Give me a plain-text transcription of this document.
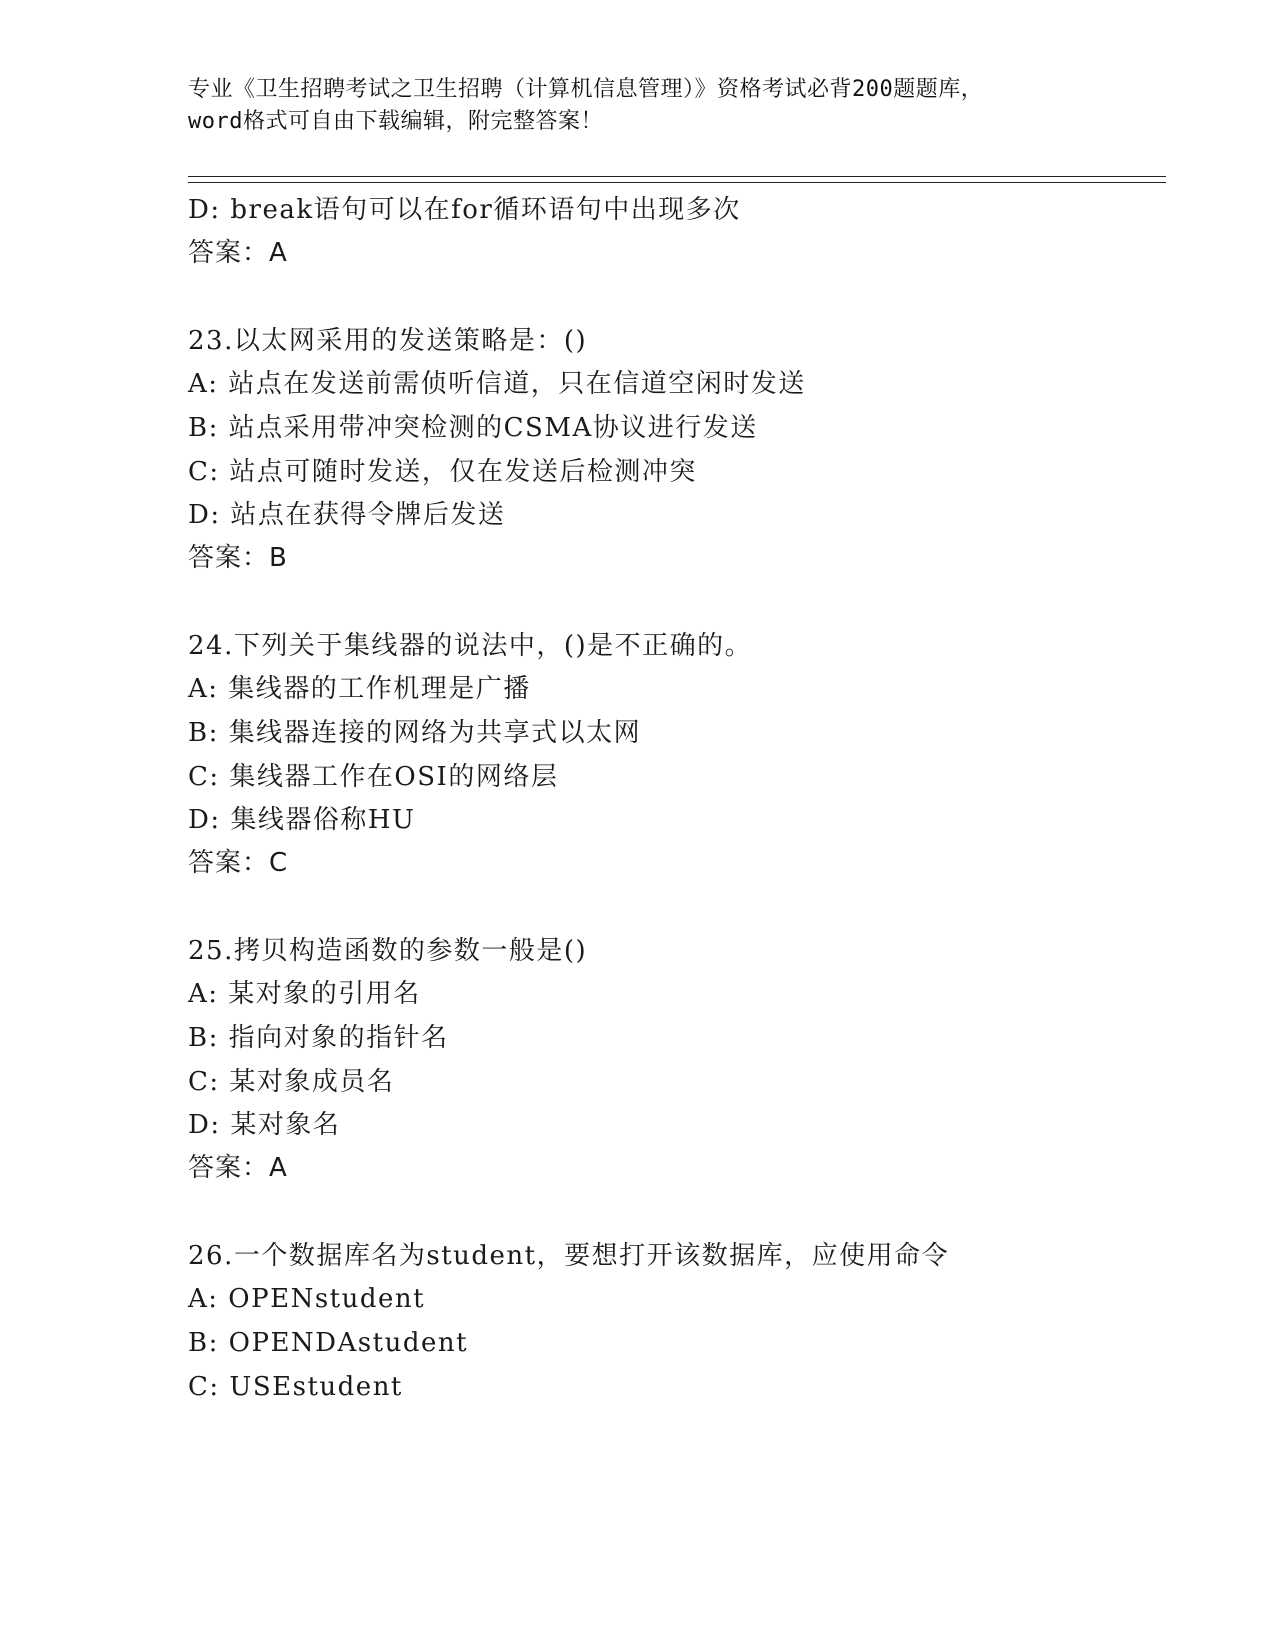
专业《卫生招聘考试之卫生招聘（计算机信息管理）》资格考试必背200题题库，
word格式可自由下载编辑，附完整答案！
D: break语句可以在for循环语句中出现多次
答案：A
23.以太网采用的发送策略是：()
A: 站点在发送前需侦听信道，只在信道空闲时发送
B: 站点采用带冲突检测的CSMA协议进行发送
C: 站点可随时发送，仅在发送后检测冲突
D: 站点在获得令牌后发送
答案：B
24.下列关于集线器的说法中，()是不正确的。
A: 集线器的工作机理是广播
B: 集线器连接的网络为共享式以太网
C: 集线器工作在OSI的网络层
D: 集线器俗称HU
答案：C
25.拷贝构造函数的参数一般是()
A: 某对象的引用名
B: 指向对象的指针名
C: 某对象成员名
D: 某对象名
答案：A
26.一个数据库名为student，要想打开该数据库，应使用命令
A: OPENstudent
B: OPENDAstudent
C: USEstudent
